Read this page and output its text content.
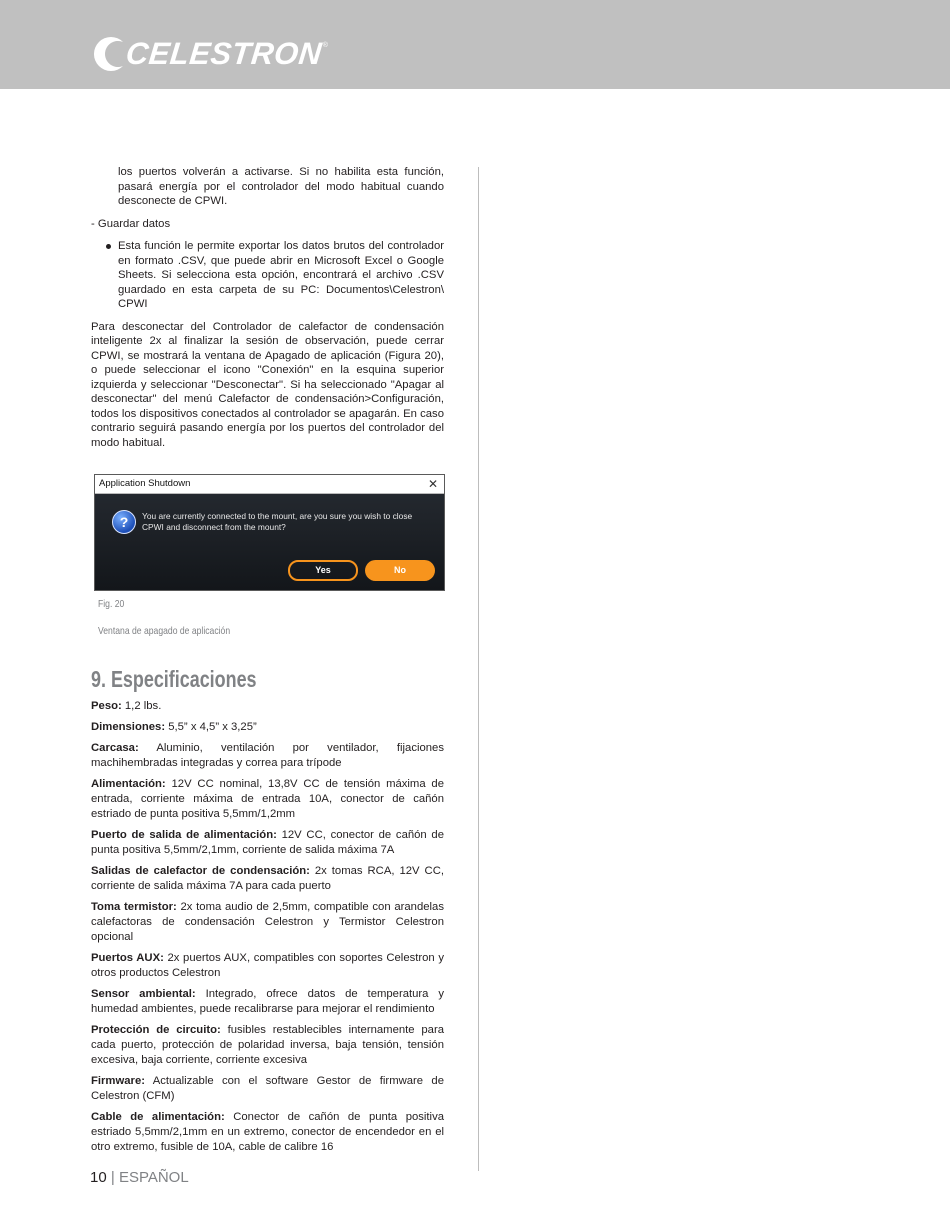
CELESTRON ®

los puertos volverán a activarse. Si no habilita esta función, pasará energía por el controlador del modo habitual cuando desconecte de CPWI.

- Guardar datos

Esta función le permite exportar los datos brutos del controlador en formato .CSV, que puede abrir en Microsoft Excel o Google Sheets. Si selecciona esta opción, encontrará el archivo .CSV guardado en esta carpeta de su PC: Documentos\Celestron\ CPWI

Para desconectar del Controlador de calefactor de condensación inteligente 2x al finalizar la sesión de observación, puede cerrar CPWI, se mostrará la ventana de Apagado de aplicación (Figura 20), o puede seleccionar el icono "Conexión" en la esquina superior izquierda y seleccionar "Desconectar". Si ha seleccionado "Apagar al desconectar" del menú Calefactor de condensación>Configuración, todos los dispositivos conectados al controlador se apagarán. En caso contrario seguirá pasando energía por los puertos del controlador del modo habitual.

Application Shutdown	✕
?	You are currently connected to the mount, are you sure you wish to close CPWI and disconnect from the mount?
Yes	No
Fig. 20
Ventana de apagado de aplicación
9. Especificaciones

Peso: 1,2 lbs.

Dimensiones: 5,5” x 4,5” x 3,25”

Carcasa: Aluminio, ventilación por ventilador, fijaciones machihembradas integradas y correa para trípode

Alimentación: 12V CC nominal, 13,8V CC de tensión máxima de entrada, corriente máxima de entrada 10A, conector de cañón estriado de punta positiva 5,5mm/1,2mm

Puerto de salida de alimentación: 12V CC, conector de cañón de punta positiva 5,5mm/2,1mm, corriente de salida máxima 7A

Salidas de calefactor de condensación: 2x tomas RCA, 12V CC, corriente de salida máxima 7A para cada puerto

Toma termistor: 2x toma audio de 2,5mm, compatible con arandelas calefactoras de condensación Celestron y Termistor Celestron opcional

Puertos AUX: 2x puertos AUX, compatibles con soportes Celestron y otros productos Celestron

Sensor ambiental: Integrado, ofrece datos de temperatura y humedad ambientes, puede recalibrarse para mejorar el rendimiento

Protección de circuito: fusibles restablecibles internamente para cada puerto, protección de polaridad inversa, baja tensión, tensión excesiva, baja corriente, corriente excesiva

Firmware: Actualizable con el software Gestor de firmware de Celestron (CFM)

Cable de alimentación: Conector de cañón de punta positiva estriado 5,5mm/2,1mm en un extremo, conector de encendedor en el otro extremo, fusible de 10A, cable de calibre 16

10 | ESPAÑOL
